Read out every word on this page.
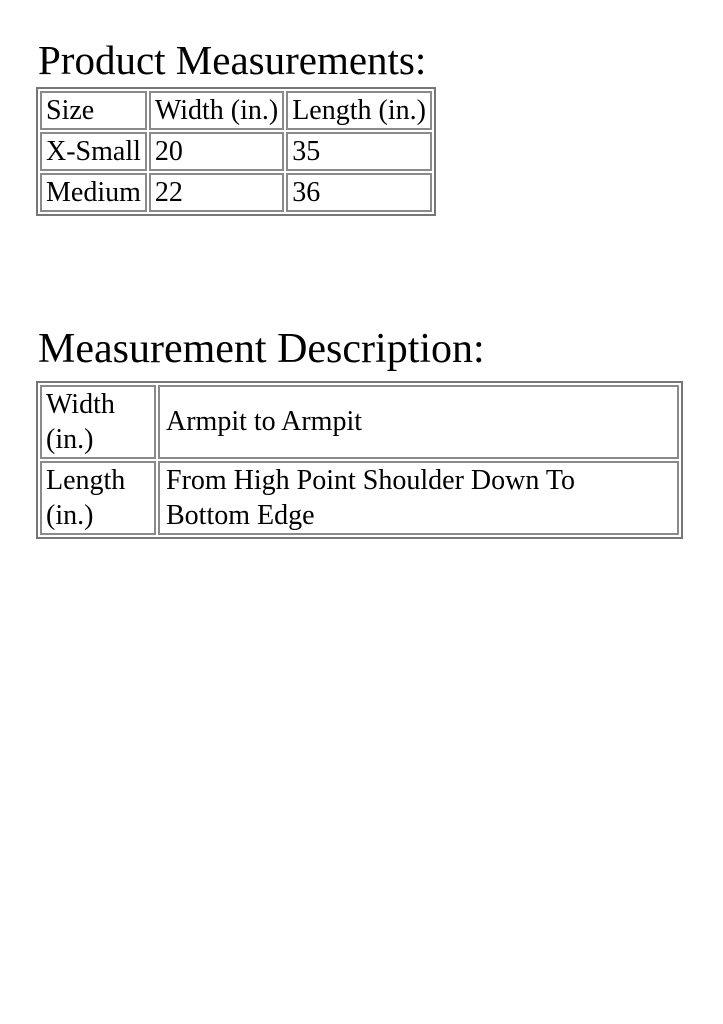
Product Measurements:
Size	Width (in.)	Length (in.)
X-Small	20	35
Medium	22	36
Measurement Description:
Width (in.)	Armpit to Armpit
Length (in.)	From High Point Shoulder Down To Bottom Edge
